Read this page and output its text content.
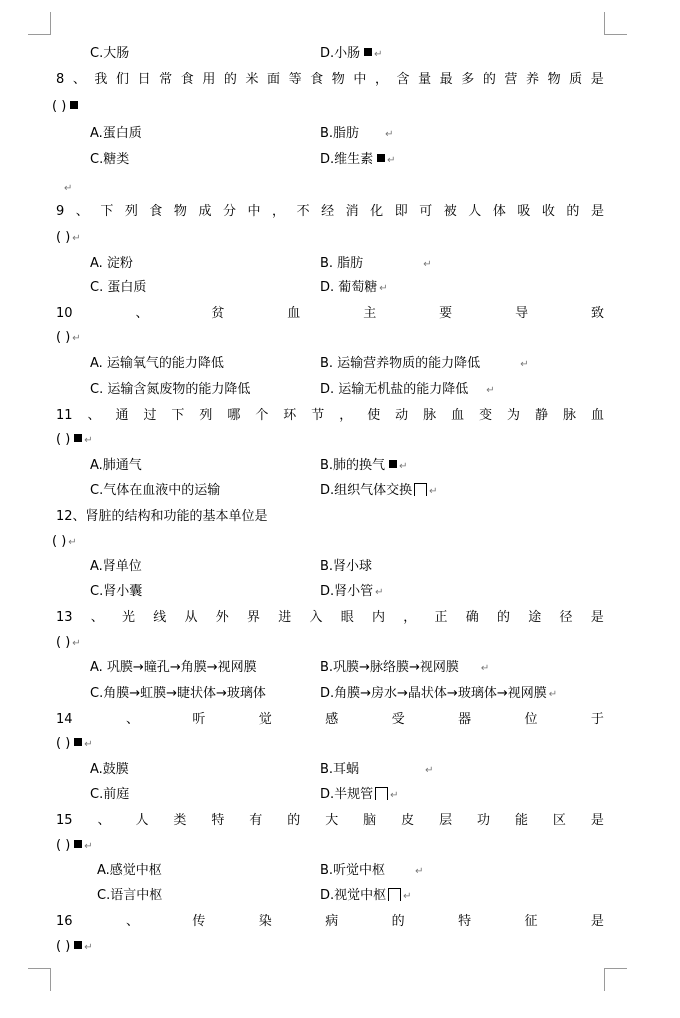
C.大肠	D.小肠 ↵
8 、 我 们 日 常 食 用 的 米 面 等 食 物 中 ， 含 量 最 多 的 营 养 物 质 是
( )
A.蛋白质	B.脂肪	↵
C.糖类	D.维生素 ↵
↵
9 、 下 列 食 物 成 分 中 ， 不 经 消 化 即 可 被 人 体 吸 收 的 是
( ) ↵
A. 淀粉	B. 脂肪	↵
C. 蛋白质	D. 葡萄糖 ↵
10	、	贫	血	主	要	导	致
( ) ↵
A. 运输氧气的能力降低	B. 运输营养物质的能力降低	↵
C. 运输含氮废物的能力降低	D. 运输无机盐的能力降低 ↵
11 、 通 过 下 列 哪 个 环 节 ， 使 动 脉 血 变 为 静 脉 血
( ) ↵
A.肺通气	B.肺的换气 ↵
C.气体在血液中的运输	D.组织气体交换 ↵
12、肾脏的结构和功能的基本单位是
( ) ↵
A.肾单位	B.肾小球
C.肾小囊	D.肾小管 ↵
13 、 光 线 从 外 界 进 入 眼 内 ， 正 确 的 途 径 是
( ) ↵
A. 巩膜→瞳孔→角膜→视网膜	B.巩膜→脉络膜→视网膜 ↵
C.角膜→虹膜→睫状体→玻璃体	D.角膜→房水→晶状体→玻璃体→视网膜 ↵
14	、	听	觉	感	受	器	位	于
( ) ↵
A.鼓膜	B.耳蜗	↵
C.前庭	D.半规管 ↵
15 、 人 类 特 有 的 大 脑 皮 层 功 能 区 是
( ) ↵
A.感觉中枢	B.听觉中枢	↵
C.语言中枢	D.视觉中枢 ↵
16	、	传	染	病	的	特	征	是
( ) ↵
